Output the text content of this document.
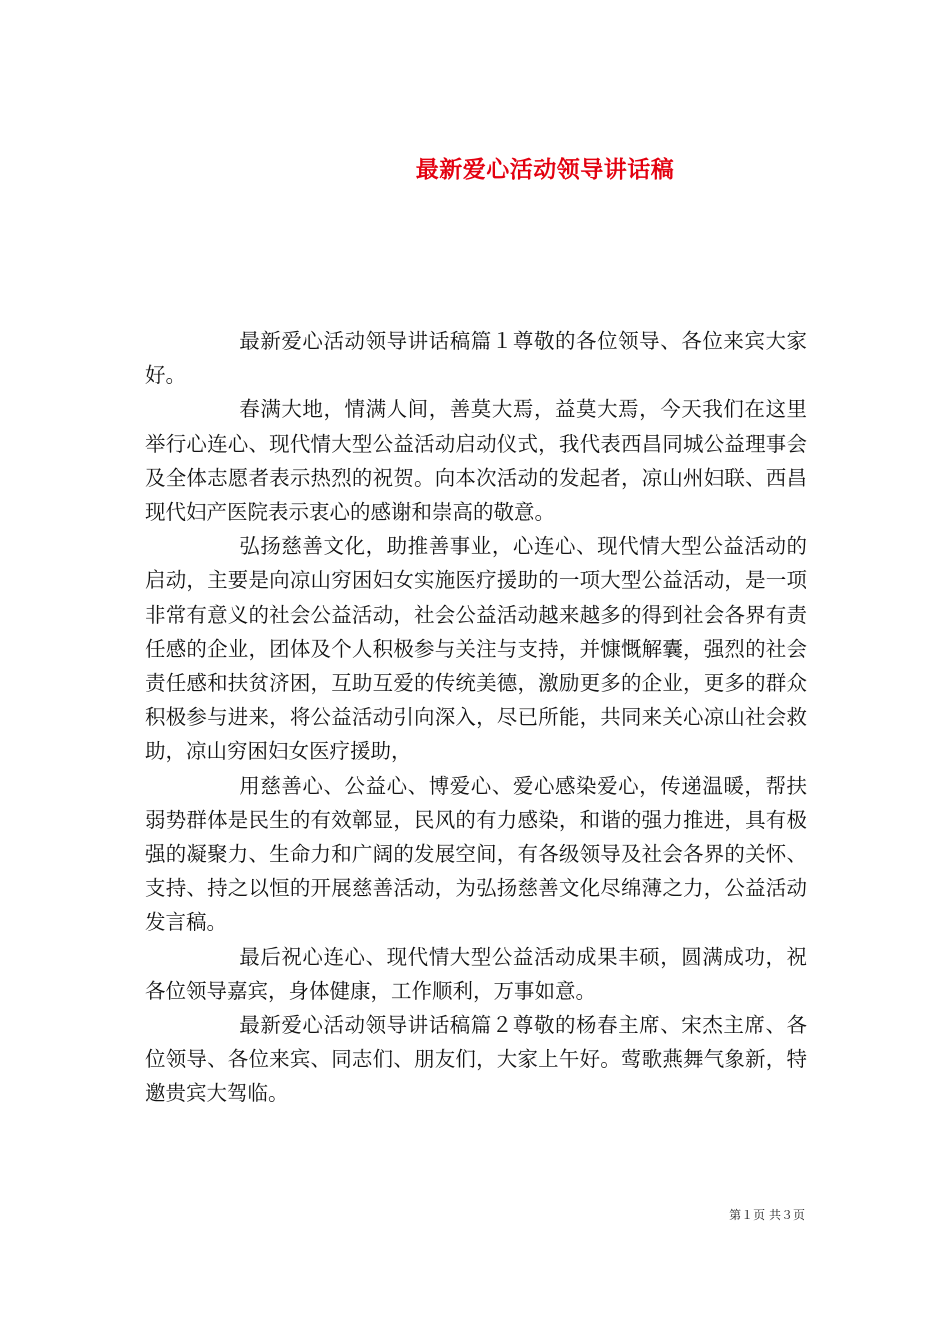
最新爱心活动领导讲话稿

最新爱心活动领导讲话稿篇１尊敬的各位领导、各位来宾大家好。

春满大地，情满人间，善莫大焉，益莫大焉，今天我们在这里举行心连心、现代情大型公益活动启动仪式，我代表西昌同城公益理事会及全体志愿者表示热烈的祝贺。向本次活动的发起者，凉山州妇联、西昌现代妇产医院表示衷心的感谢和崇高的敬意。

弘扬慈善文化，助推善事业，心连心、现代情大型公益活动的启动，主要是向凉山穷困妇女实施医疗援助的一项大型公益活动，是一项非常有意义的社会公益活动，社会公益活动越来越多的得到社会各界有责任感的企业，团体及个人积极参与关注与支持，并慷慨解囊，强烈的社会责任感和扶贫济困，互助互爱的传统美德，激励更多的企业，更多的群众积极参与进来，将公益活动引向深入，尽已所能，共同来关心凉山社会救助，凉山穷困妇女医疗援助，

用慈善心、公益心、博爱心、爱心感染爱心，传递温暖，帮扶弱势群体是民生的有效鄣显，民风的有力感染，和谐的强力推进，具有极强的凝聚力、生命力和广阔的发展空间，有各级领导及社会各界的关怀、支持、持之以恒的开展慈善活动，为弘扬慈善文化尽绵薄之力，公益活动发言稿。

最后祝心连心、现代情大型公益活动成果丰硕，圆满成功，祝各位领导嘉宾，身体健康，工作顺利，万事如意。

最新爱心活动领导讲话稿篇２尊敬的杨春主席、宋杰主席、各位领导、各位来宾、同志们、朋友们，大家上午好。莺歌燕舞气象新，特邀贵宾大驾临。

第１页 共３页
